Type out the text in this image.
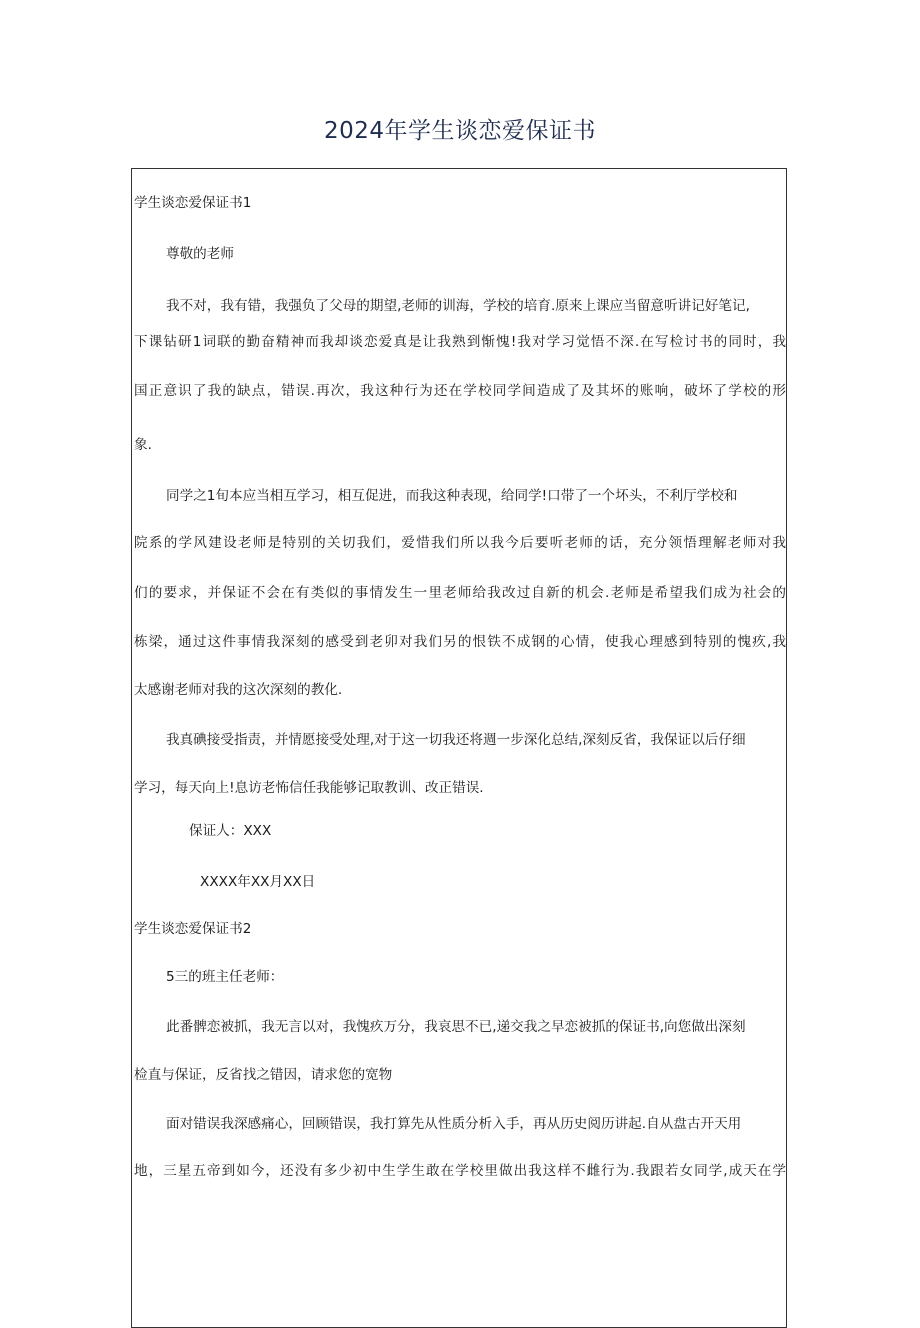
2024年学生谈恋爱保证书
学生谈恋爱保证书1
尊敬的老师
我不对，我有错，我强负了父母的期望,老师的训海，学校的培育.原来上课应当留意听讲记好笔记,
下课钻研1词联的勤奋精神而我却谈恋爱真是让我熟到惭愧!我对学习觉悟不深.在写检讨书的同时，我
国正意识了我的缺点，错误.再次，我这种行为还在学校同学间造成了及其坏的账响，破坏了学校的形
象.
同学之1旬本应当相互学习，相互促进，而我这种表现，给同学!口带了一个坏头，不利厅学校和
院系的学风建设老师是特别的关切我们，爱惜我们所以我今后要听老师的话，充分领悟理解老师对我
们的要求，并保证不会在有类似的事情发生一里老师给我改过自新的机会.老师是希望我们成为社会的
栋梁，通过这件事情我深刻的感受到老卯对我们另的恨铁不成钢的心情，使我心理感到特别的愧疚,我
太感谢老师对我的这次深刻的教化.
我真碘接受指责，并情愿接受处理,对于这一切我还将週一步深化总结,深刻反省，我保证以后仔细
学习，每天向上!息访老怖信任我能够记取教训、改正错误.
保证人：XXX
XXXX年XX月XX日
学生谈恋爱保证书2
5三的班主任老师：
此番髀恋被抓，我无言以对，我愧疚万分，我哀思不已,递交我之早恋被抓的保证书,向您做出深刻
检直与保证，反省找之错因，请求您的宽物
面对错误我深感痛心，回顾错误，我打算先从性质分析入手，再从历史阅历讲起.自从盘古开天用
地，三星五帝到如今，还没有多少初中生学生敢在学校里做出我这样不雌行为.我跟若女同学,成天在学
